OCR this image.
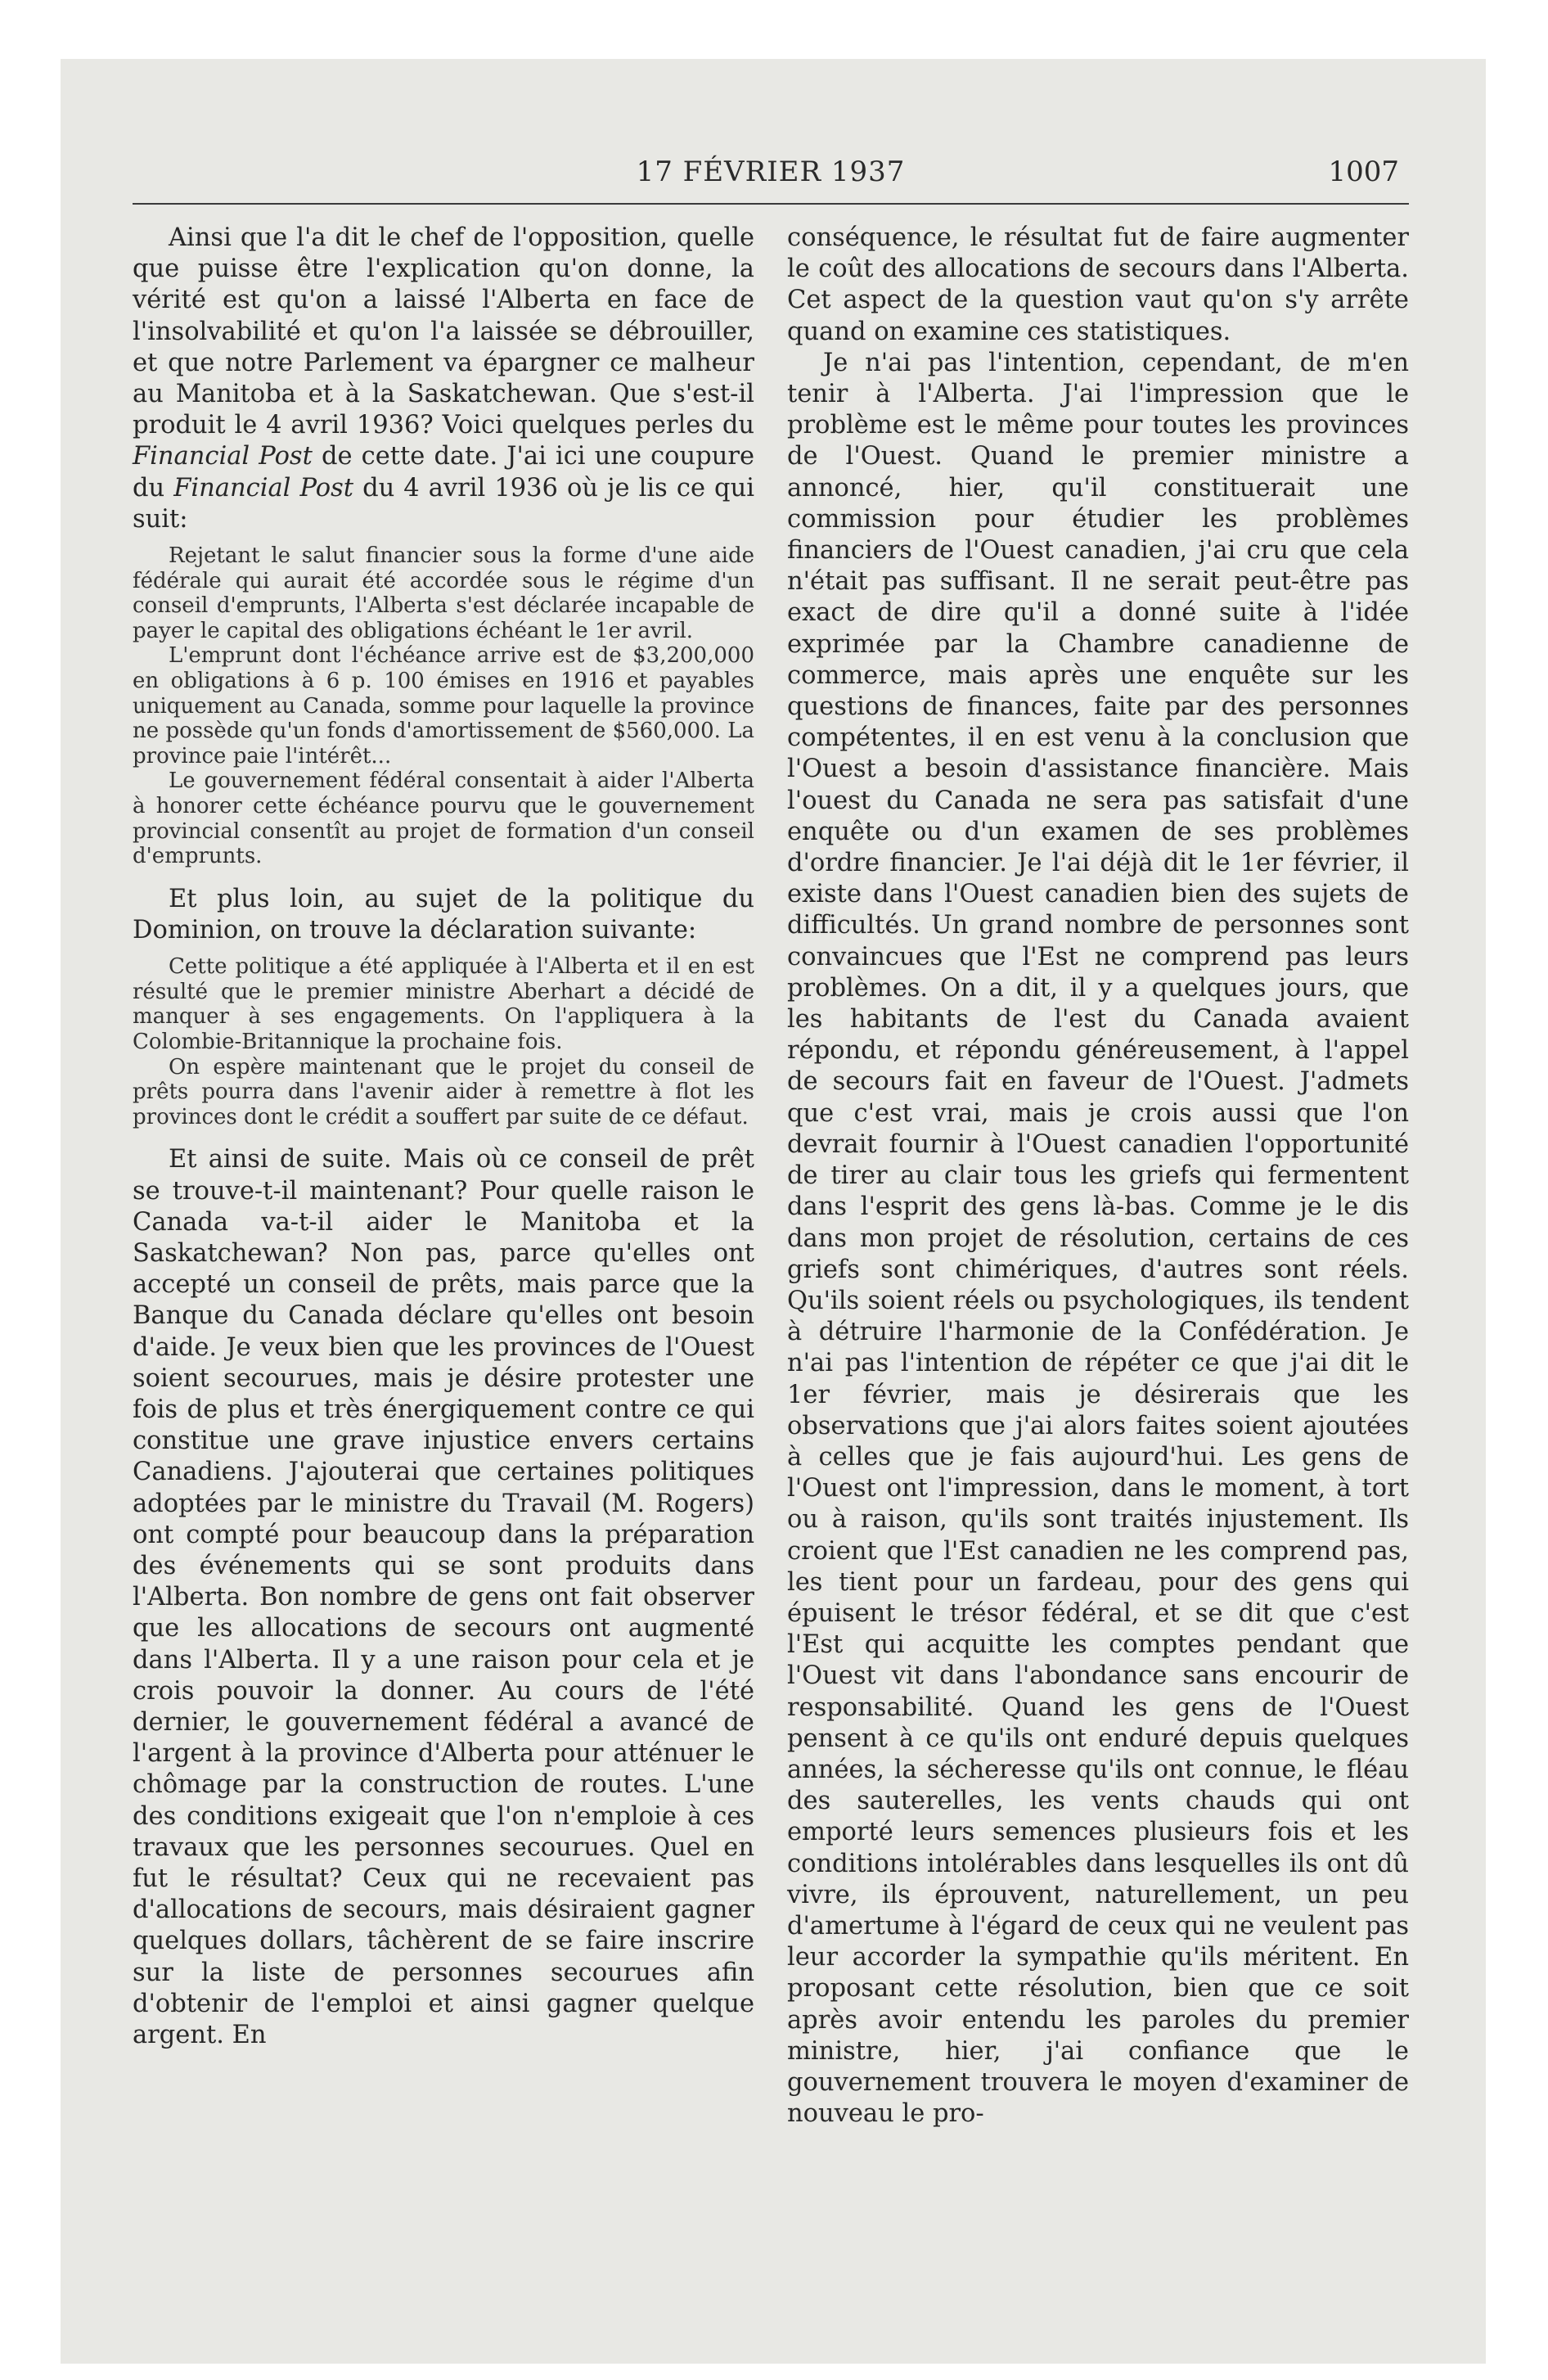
17 FÉVRIER 1937	1007

Ainsi que l'a dit le chef de l'opposition, quelle que puisse être l'explication qu'on donne, la vérité est qu'on a laissé l'Alberta en face de l'insolvabilité et qu'on l'a laissée se débrouiller, et que notre Parlement va épargner ce malheur au Manitoba et à la Saskatchewan. Que s'est-il produit le 4 avril 1936? Voici quelques perles du Financial Post de cette date. J'ai ici une coupure du Financial Post du 4 avril 1936 où je lis ce qui suit:

Rejetant le salut financier sous la forme d'une aide fédérale qui aurait été accordée sous le régime d'un conseil d'emprunts, l'Alberta s'est déclarée incapable de payer le capital des obligations échéant le 1er avril.

L'emprunt dont l'échéance arrive est de $3,200,000 en obligations à 6 p. 100 émises en 1916 et payables uniquement au Canada, somme pour laquelle la province ne possède qu'un fonds d'amortissement de $560,000. La province paie l'intérêt...

Le gouvernement fédéral consentait à aider l'Alberta à honorer cette échéance pourvu que le gouvernement provincial consentît au projet de formation d'un conseil d'emprunts.

Et plus loin, au sujet de la politique du Dominion, on trouve la déclaration suivante:

Cette politique a été appliquée à l'Alberta et il en est résulté que le premier ministre Aberhart a décidé de manquer à ses engagements. On l'appliquera à la Colombie-Britannique la prochaine fois.

On espère maintenant que le projet du conseil de prêts pourra dans l'avenir aider à remettre à flot les provinces dont le crédit a souffert par suite de ce défaut.

Et ainsi de suite. Mais où ce conseil de prêt se trouve-t-il maintenant? Pour quelle raison le Canada va-t-il aider le Manitoba et la Saskatchewan? Non pas, parce qu'elles ont accepté un conseil de prêts, mais parce que la Banque du Canada déclare qu'elles ont besoin d'aide. Je veux bien que les provinces de l'Ouest soient secourues, mais je désire protester une fois de plus et très énergiquement contre ce qui constitue une grave injustice envers certains Canadiens. J'ajouterai que certaines politiques adoptées par le ministre du Travail (M. Rogers) ont compté pour beaucoup dans la préparation des événements qui se sont produits dans l'Alberta. Bon nombre de gens ont fait observer que les allocations de secours ont augmenté dans l'Alberta. Il y a une raison pour cela et je crois pouvoir la donner. Au cours de l'été dernier, le gouvernement fédéral a avancé de l'argent à la province d'Alberta pour atténuer le chômage par la construction de routes. L'une des conditions exigeait que l'on n'emploie à ces travaux que les personnes secourues. Quel en fut le résultat? Ceux qui ne recevaient pas d'allocations de secours, mais désiraient gagner quelques dollars, tâchèrent de se faire inscrire sur la liste de personnes secourues afin d'obtenir de l'emploi et ainsi gagner quelque argent. En

conséquence, le résultat fut de faire augmenter le coût des allocations de secours dans l'Alberta. Cet aspect de la question vaut qu'on s'y arrête quand on examine ces statistiques.

Je n'ai pas l'intention, cependant, de m'en tenir à l'Alberta. J'ai l'impression que le problème est le même pour toutes les provinces de l'Ouest. Quand le premier ministre a annoncé, hier, qu'il constituerait une commission pour étudier les problèmes financiers de l'Ouest canadien, j'ai cru que cela n'était pas suffisant. Il ne serait peut-être pas exact de dire qu'il a donné suite à l'idée exprimée par la Chambre canadienne de commerce, mais après une enquête sur les questions de finances, faite par des personnes compétentes, il en est venu à la conclusion que l'Ouest a besoin d'assistance financière. Mais l'ouest du Canada ne sera pas satisfait d'une enquête ou d'un examen de ses problèmes d'ordre financier. Je l'ai déjà dit le 1er février, il existe dans l'Ouest canadien bien des sujets de difficultés. Un grand nombre de personnes sont convaincues que l'Est ne comprend pas leurs problèmes. On a dit, il y a quelques jours, que les habitants de l'est du Canada avaient répondu, et répondu généreusement, à l'appel de secours fait en faveur de l'Ouest. J'admets que c'est vrai, mais je crois aussi que l'on devrait fournir à l'Ouest canadien l'opportunité de tirer au clair tous les griefs qui fermentent dans l'esprit des gens là-bas. Comme je le dis dans mon projet de résolution, certains de ces griefs sont chimériques, d'autres sont réels. Qu'ils soient réels ou psychologiques, ils tendent à détruire l'harmonie de la Confédération. Je n'ai pas l'intention de répéter ce que j'ai dit le 1er février, mais je désirerais que les observations que j'ai alors faites soient ajoutées à celles que je fais aujourd'hui. Les gens de l'Ouest ont l'impression, dans le moment, à tort ou à raison, qu'ils sont traités injustement. Ils croient que l'Est canadien ne les comprend pas, les tient pour un fardeau, pour des gens qui épuisent le trésor fédéral, et se dit que c'est l'Est qui acquitte les comptes pendant que l'Ouest vit dans l'abondance sans encourir de responsabilité. Quand les gens de l'Ouest pensent à ce qu'ils ont enduré depuis quelques années, la sécheresse qu'ils ont connue, le fléau des sauterelles, les vents chauds qui ont emporté leurs semences plusieurs fois et les conditions intolérables dans lesquelles ils ont dû vivre, ils éprouvent, naturellement, un peu d'amertume à l'égard de ceux qui ne veulent pas leur accorder la sympathie qu'ils méritent. En proposant cette résolution, bien que ce soit après avoir entendu les paroles du premier ministre, hier, j'ai confiance que le gouvernement trouvera le moyen d'examiner de nouveau le pro-
